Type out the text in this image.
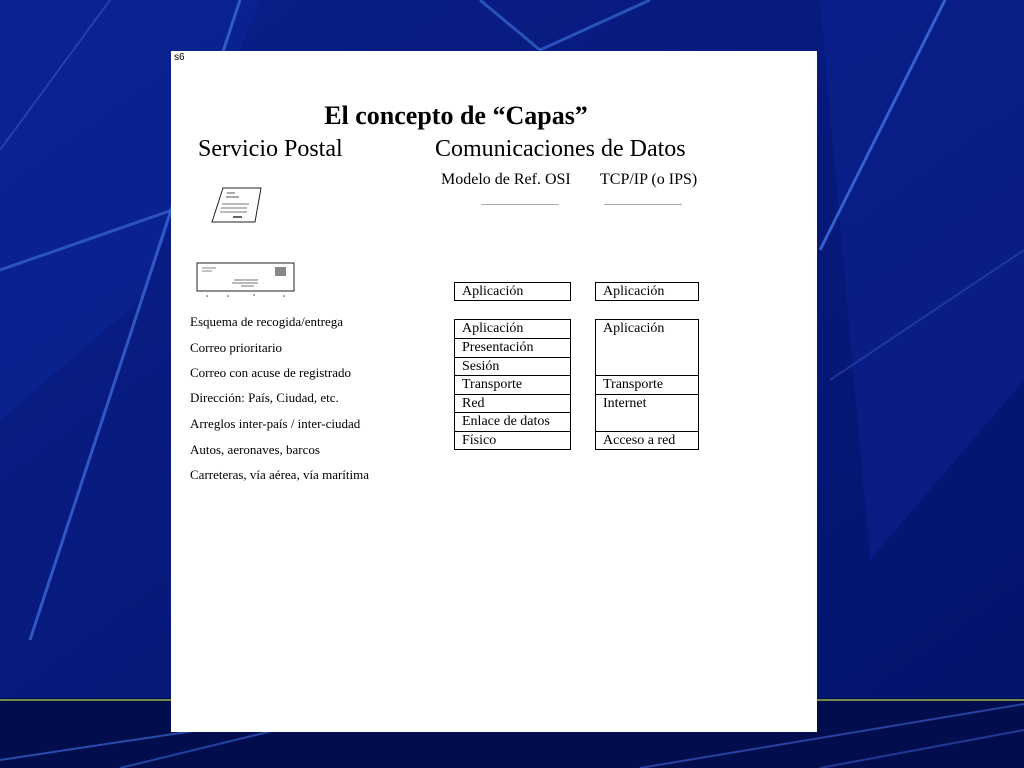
s6
El concepto de “Capas”
Servicio Postal	Comunicaciones de Datos
Modelo de Ref. OSI TCP/IP (o IPS)
Esquema de recogida/entrega
Correo prioritario
Correo con acuse de registrado
Dirección: País, Ciudad, etc.
Arreglos inter-país / inter-ciudad
Autos, aeronaves, barcos
Carreteras, vía aérea, vía marítima
Aplicación	Aplicación
Aplicación
Presentación
Sesión
Transporte
Red
Enlace de datos
Físico
Aplicación
Transporte
Internet
Acceso a red
